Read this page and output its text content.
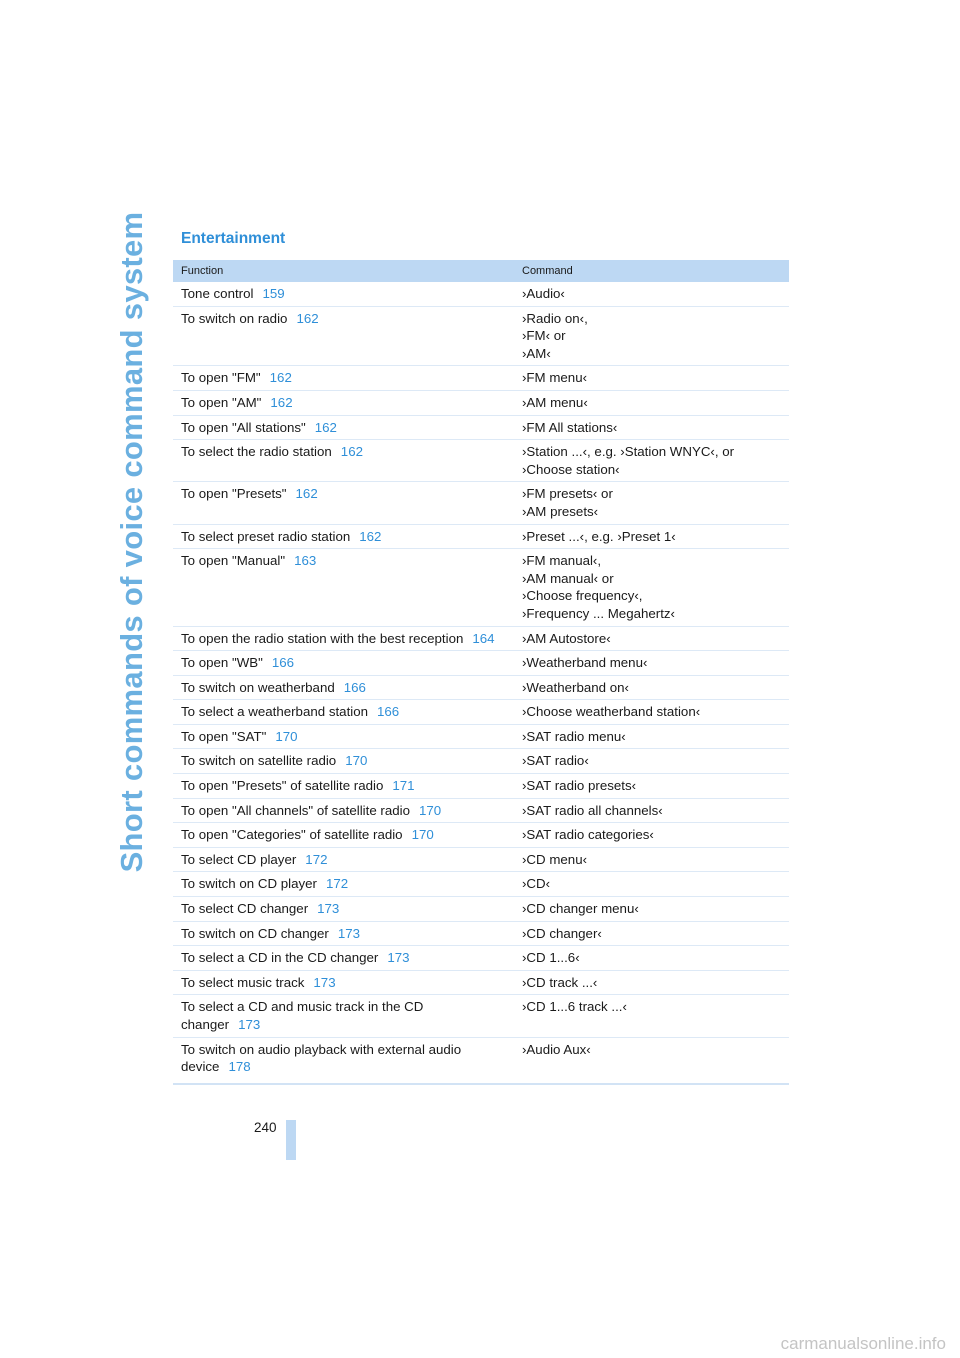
Short commands of voice command system Entertainment
Function	Command
Tone control 159	›Audio‹

To switch on radio 162	›Radio on‹,
›FM‹ or
›AM‹

To open "FM" 162	›FM menu‹

To open "AM" 162	›AM menu‹

To open "All stations" 162	›FM All stations‹

To select the radio station 162	›Station ...‹, e.g. ›Station WNYC‹, or
›Choose station‹

To open "Presets" 162	›FM presets‹ or
›AM presets‹

To select preset radio station 162	›Preset ...‹, e.g. ›Preset 1‹

To open "Manual" 163	›FM manual‹,
›AM manual‹ or
›Choose frequency‹,
›Frequency ... Megahertz‹

To open the radio station with the best reception 164	›AM Autostore‹

To open "WB" 166	›Weatherband menu‹

To switch on weatherband 166	›Weatherband on‹

To select a weatherband station 166	›Choose weatherband station‹

To open "SAT" 170	›SAT radio menu‹

To switch on satellite radio 170	›SAT radio‹

To open "Presets" of satellite radio 171	›SAT radio presets‹

To open "All channels" of satellite radio 170	›SAT radio all channels‹

To open "Categories" of satellite radio 170	›SAT radio categories‹

To select CD player 172	›CD menu‹

To switch on CD player 172	›CD‹

To select CD changer 173	›CD changer menu‹

To switch on CD changer 173	›CD changer‹

To select a CD in the CD changer 173	›CD 1...6‹

To select music track 173	›CD track ...‹

To select a CD and music track in the CD changer 173	›CD 1...6 track ...‹

To switch on audio playback with external audio device 178	›Audio Aux‹
240
carmanualsonline.info
